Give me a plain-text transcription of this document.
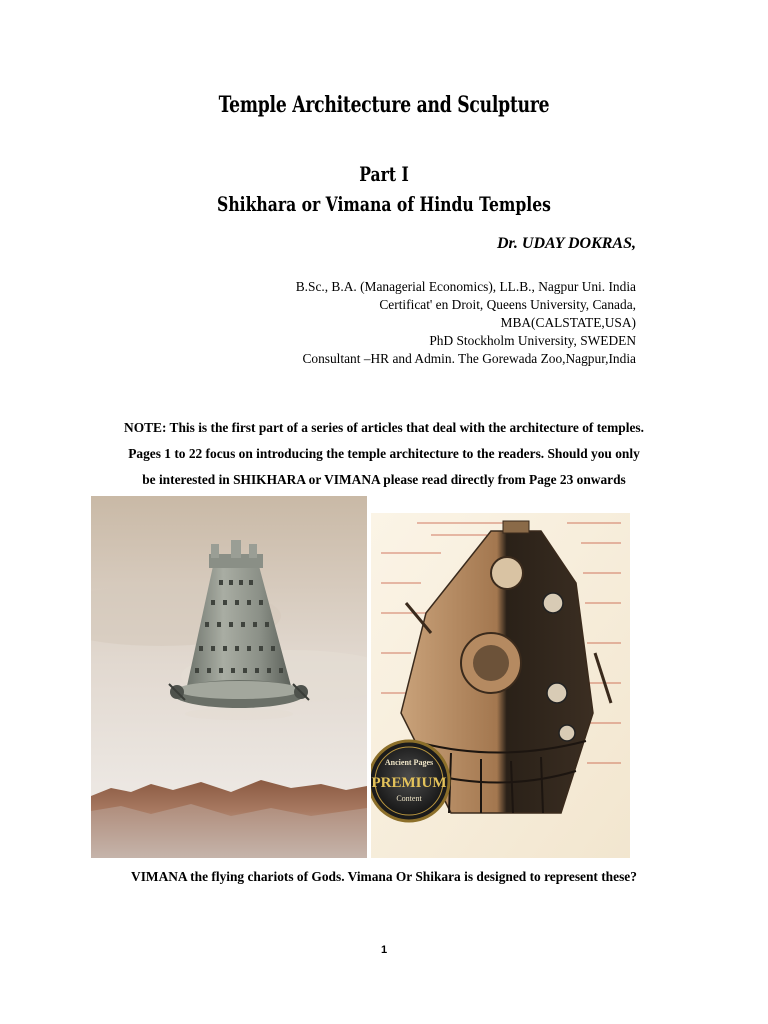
Temple Architecture and Sculpture
Part I
Shikhara or Vimana of Hindu Temples
Dr. UDAY DOKRAS,
B.Sc., B.A. (Managerial Economics), LL.B., Nagpur Uni. India
Certificat' en Droit, Queens University, Canada,
MBA(CALSTATE,USA)
PhD Stockholm University, SWEDEN
Consultant –HR and Admin. The Gorewada Zoo,Nagpur,India
NOTE: This is the first part of a series of articles that deal with the architecture of temples.
Pages 1 to 22 focus on introducing the temple architecture to the readers. Should you only
be interested in SHIKHARA or VIMANA please read directly from Page 23 onwards
Ancient Pages
PREMIUM
Content
VIMANA the flying chariots of Gods. Vimana Or Shikara is designed to represent these?
1
